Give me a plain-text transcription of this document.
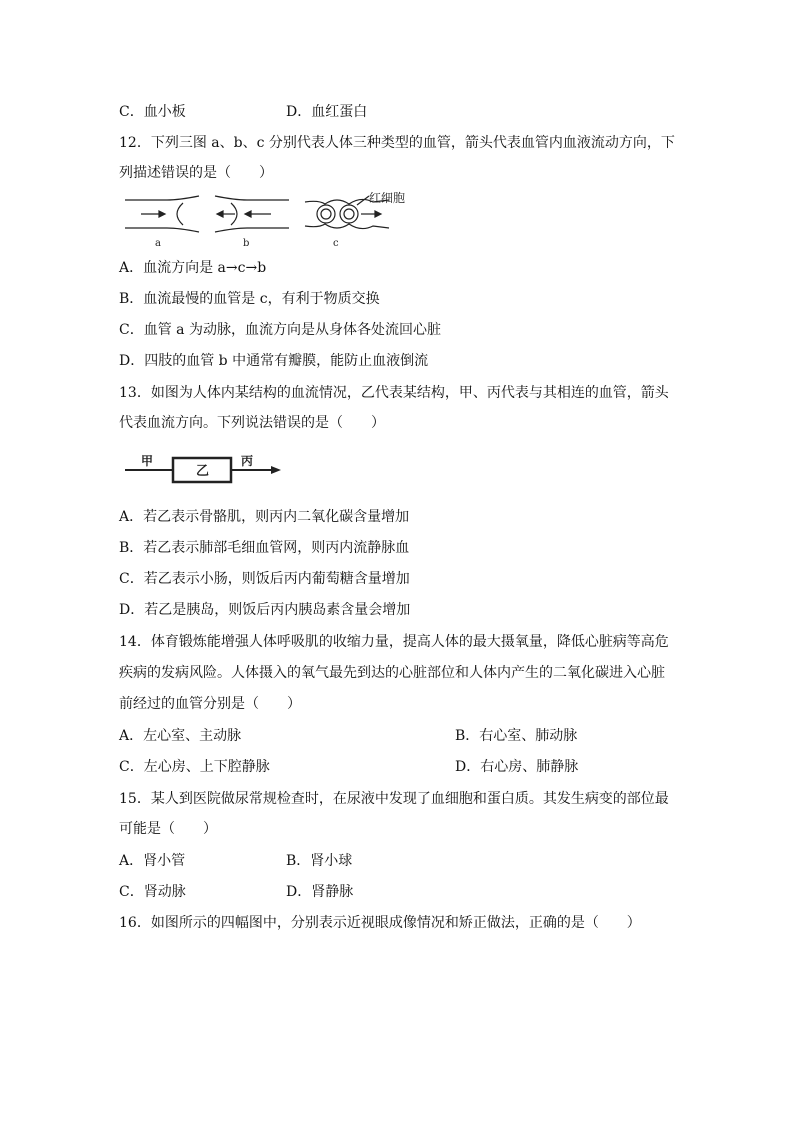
C．血小板	D．血红蛋白
12．下列三图 a、b、c 分别代表人体三种类型的血管，箭头代表血管内血液流动方向，下
列描述错误的是（　　）
a	b
红细胞
c
A．血流方向是 a→c→b
B．血流最慢的血管是 c，有利于物质交换
C．血管 a 为动脉，血流方向是从身体各处流回心脏
D．四肢的血管 b 中通常有瓣膜，能防止血液倒流
13．如图为人体内某结构的血流情况，乙代表某结构，甲、丙代表与其相连的血管，箭头
代表血流方向。下列说法错误的是（　　）
甲
乙
丙
A．若乙表示骨骼肌，则丙内二氧化碳含量增加
B．若乙表示肺部毛细血管网，则丙内流静脉血
C．若乙表示小肠，则饭后丙内葡萄糖含量增加
D．若乙是胰岛，则饭后丙内胰岛素含量会增加
14．体育锻炼能增强人体呼吸肌的收缩力量，提高人体的最大摄氧量，降低心脏病等高危
疾病的发病风险。人体摄入的氧气最先到达的心脏部位和人体内产生的二氧化碳进入心脏
前经过的血管分别是（　　）
A．左心室、主动脉	B．右心室、肺动脉
C．左心房、上下腔静脉	D．右心房、肺静脉
15．某人到医院做尿常规检查时，在尿液中发现了血细胞和蛋白质。其发生病变的部位最
可能是（　　）
A．肾小管	B．肾小球
C．肾动脉	D．肾静脉
16．如图所示的四幅图中，分别表示近视眼成像情况和矫正做法，正确的是（　　）
